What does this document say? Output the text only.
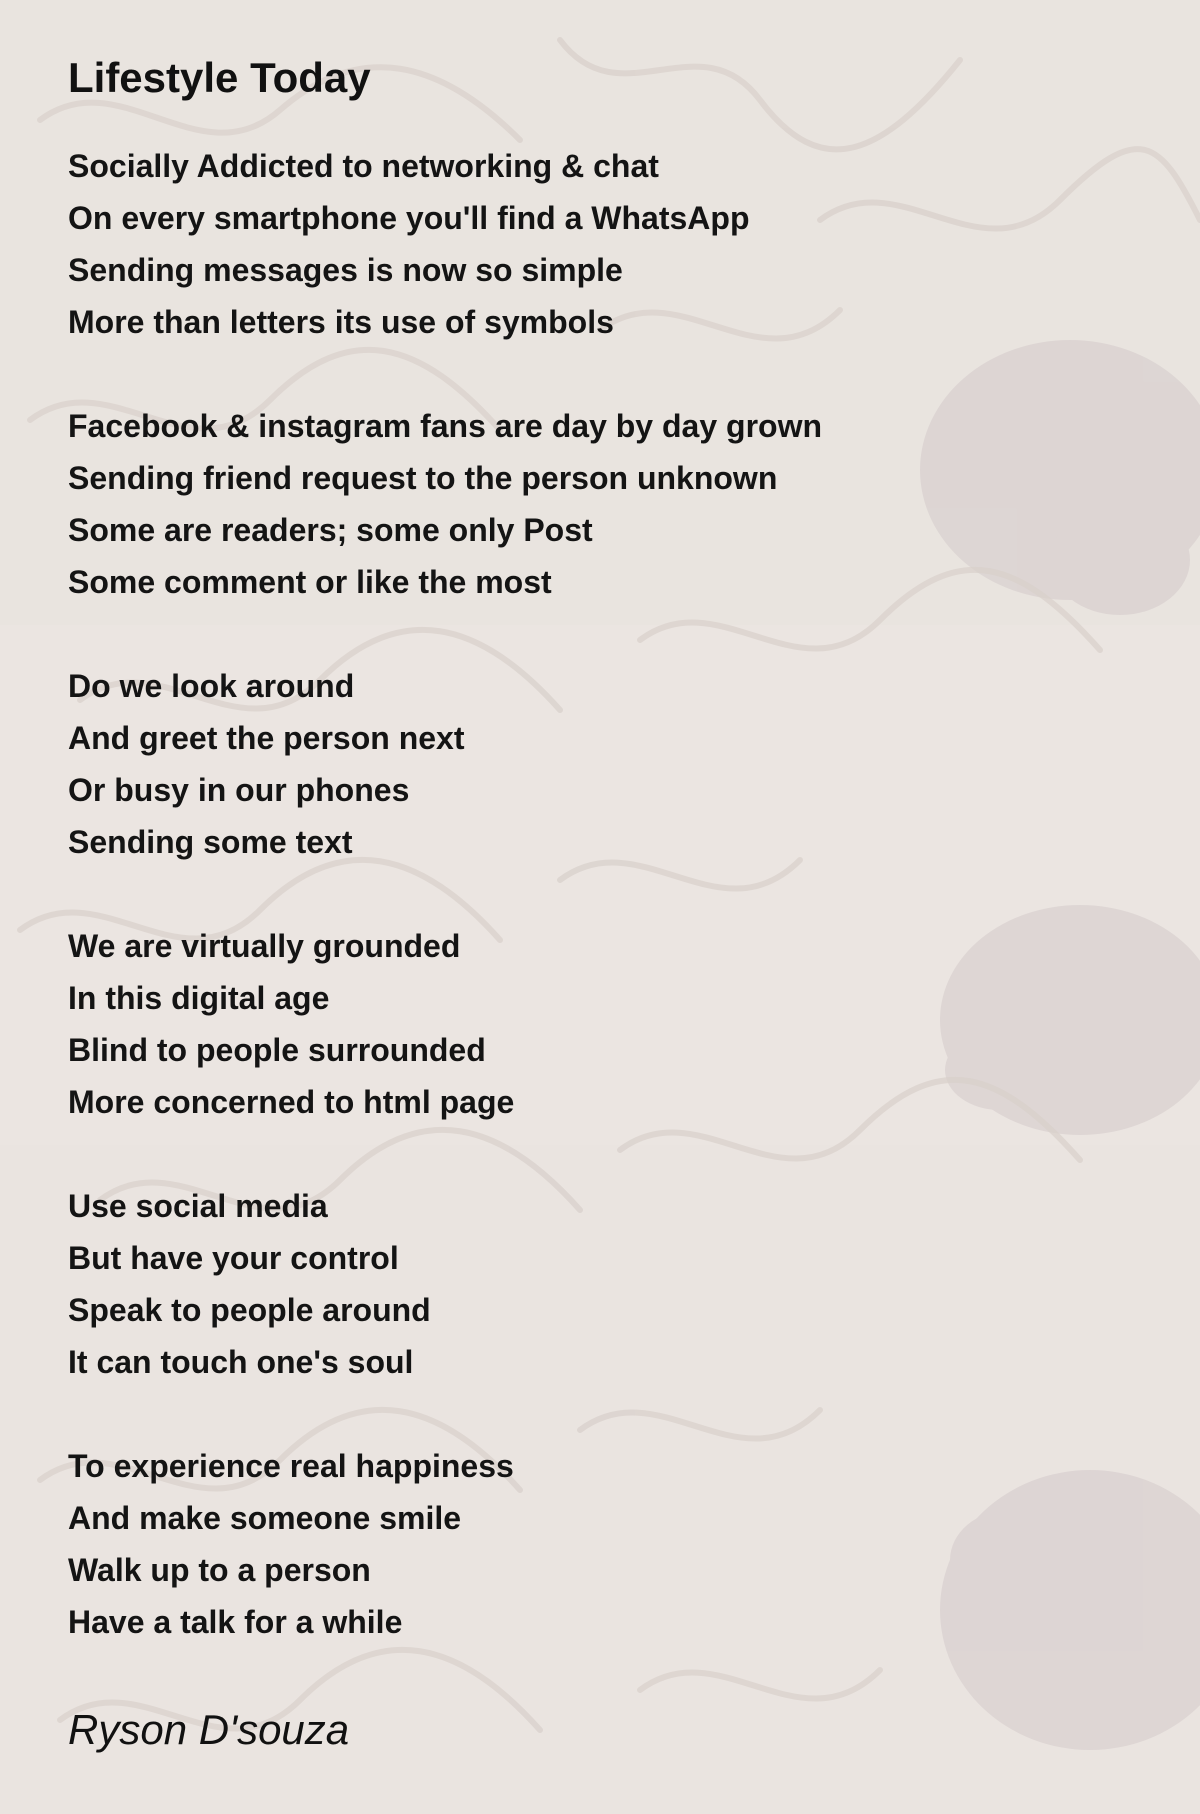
Lifestyle Today
Socially Addicted to networking & chat
On every smartphone you'll find a WhatsApp
Sending messages is now so simple
More than letters its use of symbols
Facebook & instagram fans are day by day grown
Sending friend request to the person unknown
Some are readers; some only Post
Some comment or like the most
Do we look around
And greet the person next
Or busy in our phones
Sending some text
We are virtually grounded
In this digital age
Blind to people surrounded
More concerned to html page
Use social media
But have your control
Speak to people around
It can touch one's soul
To experience real happiness
And make someone smile
Walk up to a person
Have a talk for a while
Ryson D'souza
